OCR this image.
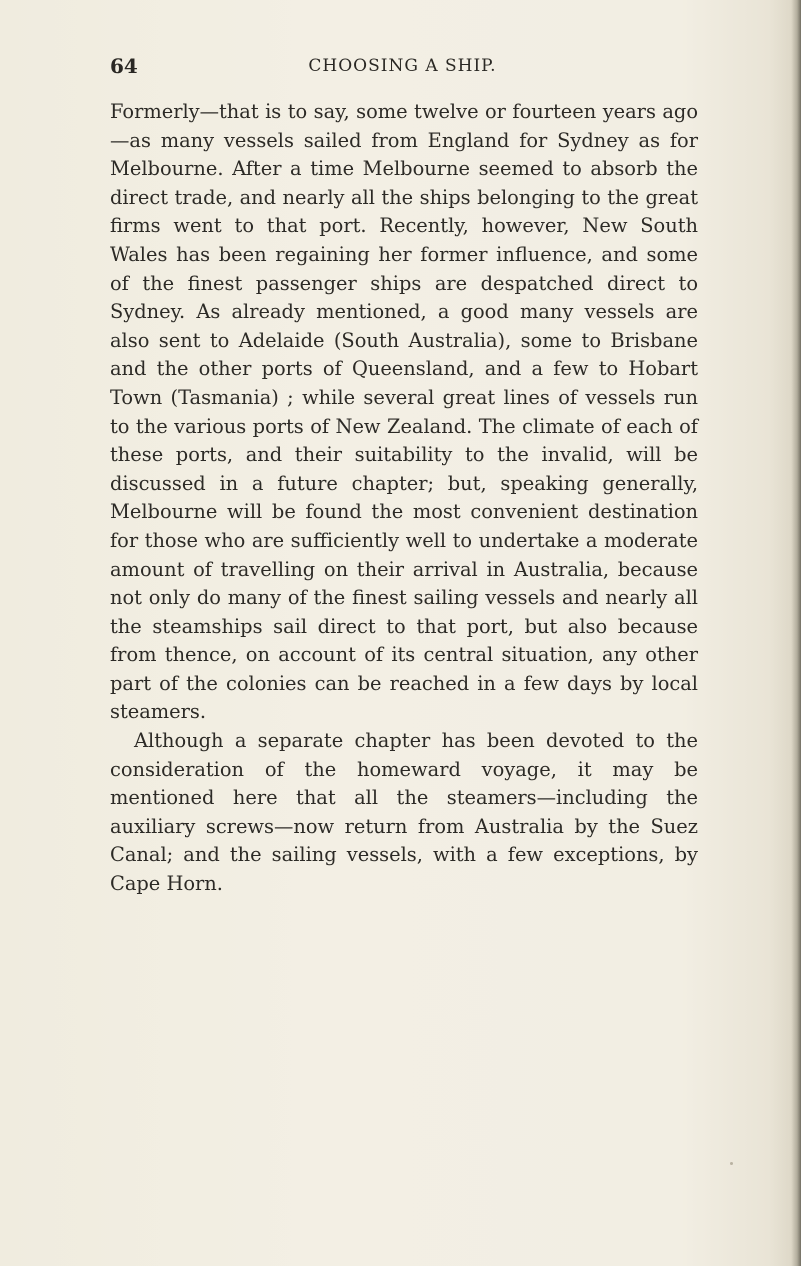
64	CHOOSING A SHIP.

Formerly—that is to say, some twelve or fourteen years ago—as many vessels sailed from England for Sydney as for Melbourne. After a time Melbourne seemed to absorb the direct trade, and nearly all the ships belonging to the great firms went to that port. Recently, however, New South Wales has been regaining her former influence, and some of the finest passenger ships are despatched direct to Sydney. As already mentioned, a good many vessels are also sent to Adelaide (South Australia), some to Brisbane and the other ports of Queensland, and a few to Hobart Town (Tasmania) ; while several great lines of vessels run to the various ports of New Zealand. The climate of each of these ports, and their suitability to the invalid, will be discussed in a future chapter; but, speaking generally, Melbourne will be found the most convenient destination for those who are sufficiently well to undertake a moderate amount of travelling on their arrival in Australia, because not only do many of the finest sailing vessels and nearly all the steamships sail direct to that port, but also because from thence, on account of its central situation, any other part of the colonies can be reached in a few days by local steamers.

Although a separate chapter has been devoted to the consideration of the homeward voyage, it may be mentioned here that all the steamers—including the auxiliary screws—now return from Australia by the Suez Canal; and the sailing vessels, with a few exceptions, by Cape Horn.
